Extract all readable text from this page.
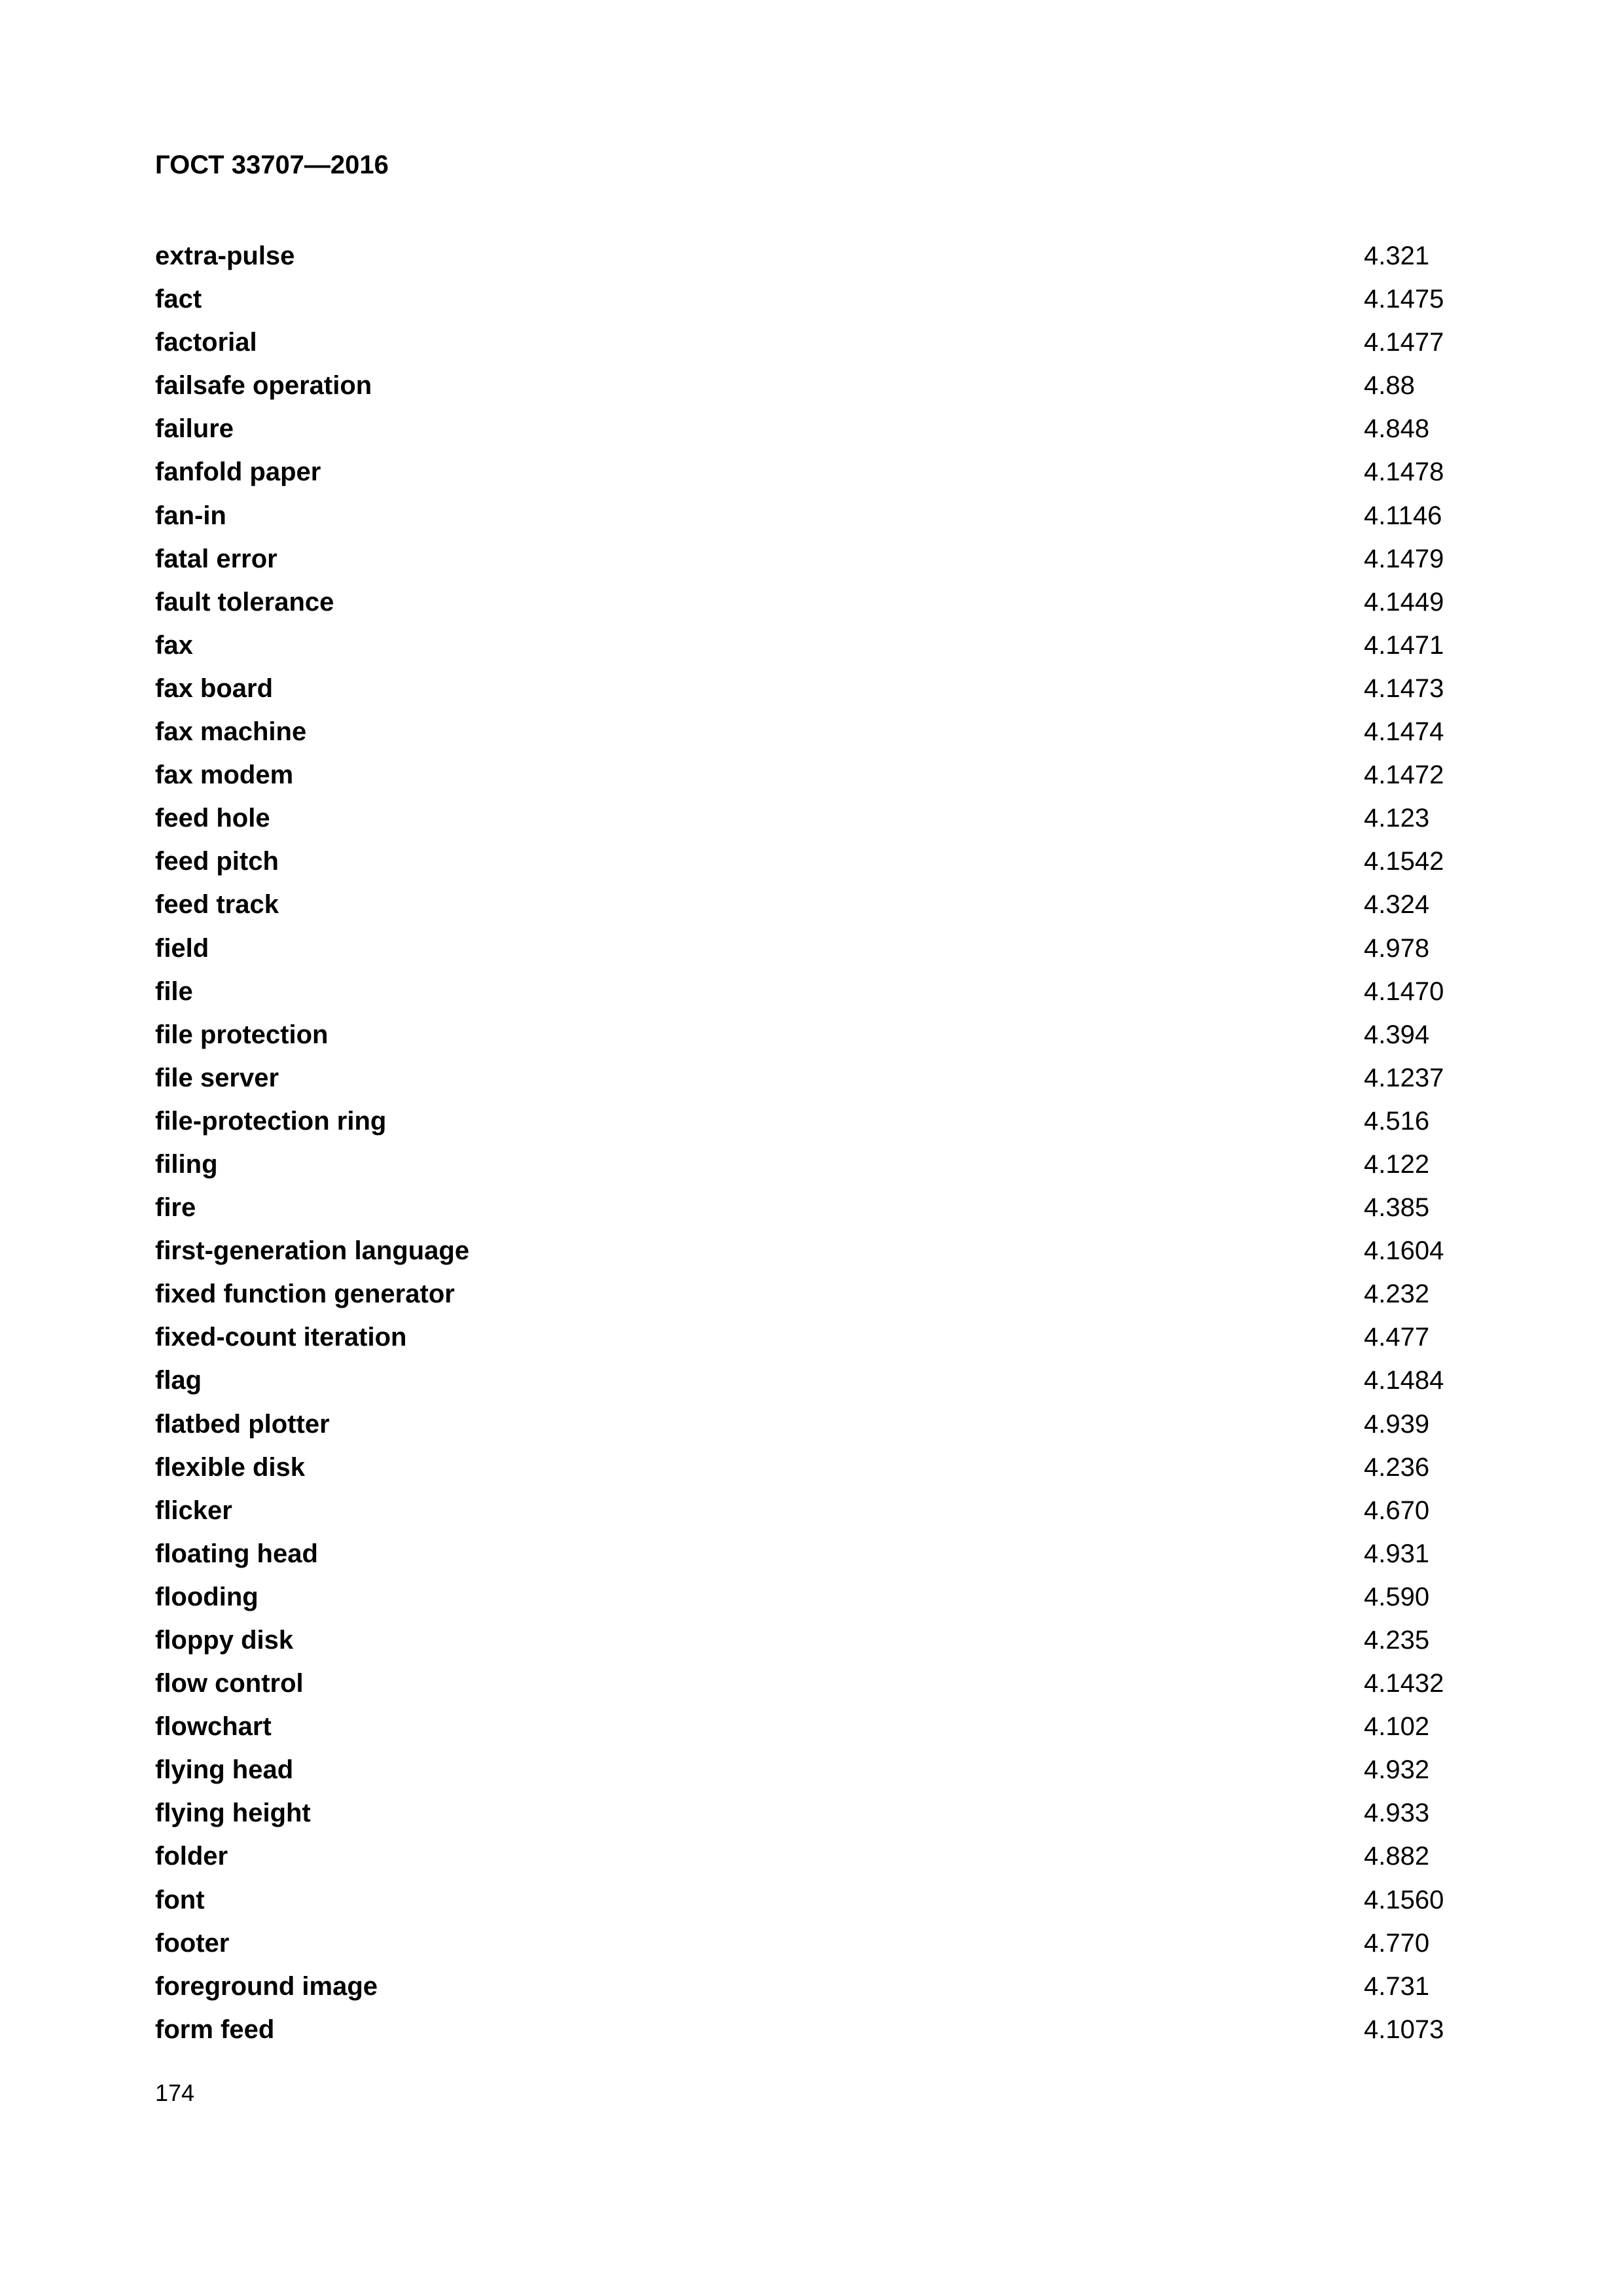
ГОСТ 33707—2016
extra-pulse	4.321
fact	4.1475
factorial	4.1477
failsafe operation	4.88
failure	4.848
fanfold paper	4.1478
fan-in	4.1146
fatal error	4.1479
fault tolerance	4.1449
fax	4.1471
fax board	4.1473
fax machine	4.1474
fax modem	4.1472
feed hole	4.123
feed pitch	4.1542
feed track	4.324
field	4.978
file	4.1470
file protection	4.394
file server	4.1237
file-protection ring	4.516
filing	4.122
fire	4.385
first-generation language	4.1604
fixed function generator	4.232
fixed-count iteration	4.477
flag	4.1484
flatbed plotter	4.939
flexible disk	4.236
flicker	4.670
floating head	4.931
flooding	4.590
floppy disk	4.235
flow control	4.1432
flowchart	4.102
flying head	4.932
flying height	4.933
folder	4.882
font	4.1560
footer	4.770
foreground image	4.731
form feed	4.1073
174
